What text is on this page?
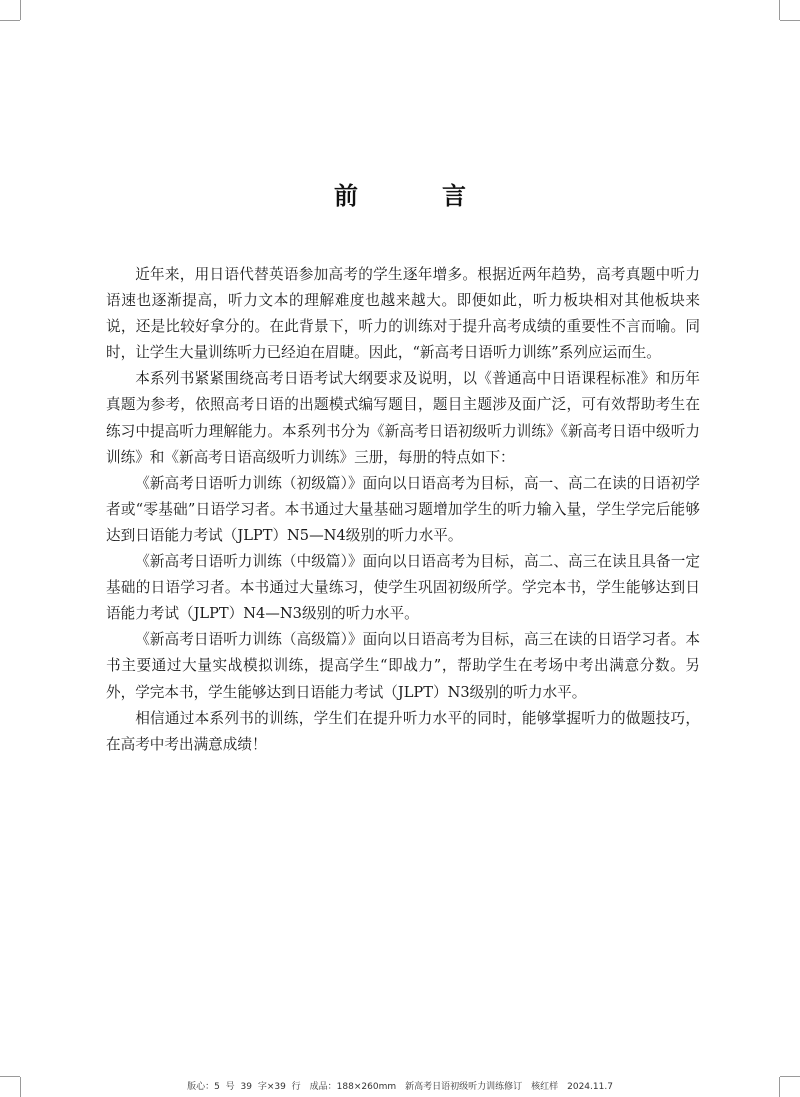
前　言

近年来，用日语代替英语参加高考的学生逐年增多。根据近两年趋势，高考真题中听力语速也逐渐提高，听力文本的理解难度也越来越大。即便如此，听力板块相对其他板块来说，还是比较好拿分的。在此背景下，听力的训练对于提升高考成绩的重要性不言而喻。同时，让学生大量训练听力已经迫在眉睫。因此，“新高考日语听力训练”系列应运而生。

本系列书紧紧围绕高考日语考试大纲要求及说明，以《普通高中日语课程标准》和历年真题为参考，依照高考日语的出题模式编写题目，题目主题涉及面广泛，可有效帮助考生在练习中提高听力理解能力。本系列书分为《新高考日语初级听力训练》《新高考日语中级听力训练》和《新高考日语高级听力训练》三册，每册的特点如下：

《新高考日语听力训练（初级篇）》面向以日语高考为目标，高一、高二在读的日语初学者或“零基础”日语学习者。本书通过大量基础习题增加学生的听力输入量，学生学完后能够达到日语能力考试（JLPT）N5—N4级别的听力水平。

《新高考日语听力训练（中级篇）》面向以日语高考为目标，高二、高三在读且具备一定基础的日语学习者。本书通过大量练习，使学生巩固初级所学。学完本书，学生能够达到日语能力考试（JLPT）N4—N3级别的听力水平。

《新高考日语听力训练（高级篇）》面向以日语高考为目标，高三在读的日语学习者。本书主要通过大量实战模拟训练，提高学生“即战力”，帮助学生在考场中考出满意分数。另外，学完本书，学生能够达到日语能力考试（JLPT）N3级别的听力水平。

相信通过本系列书的训练，学生们在提升听力水平的同时，能够掌握听力的做题技巧，在高考中考出满意成绩！

版心：5 号 39 字×39 行　成品：188×260mm　新高考日语初级听力训练修订　核红样　2024.11.7
